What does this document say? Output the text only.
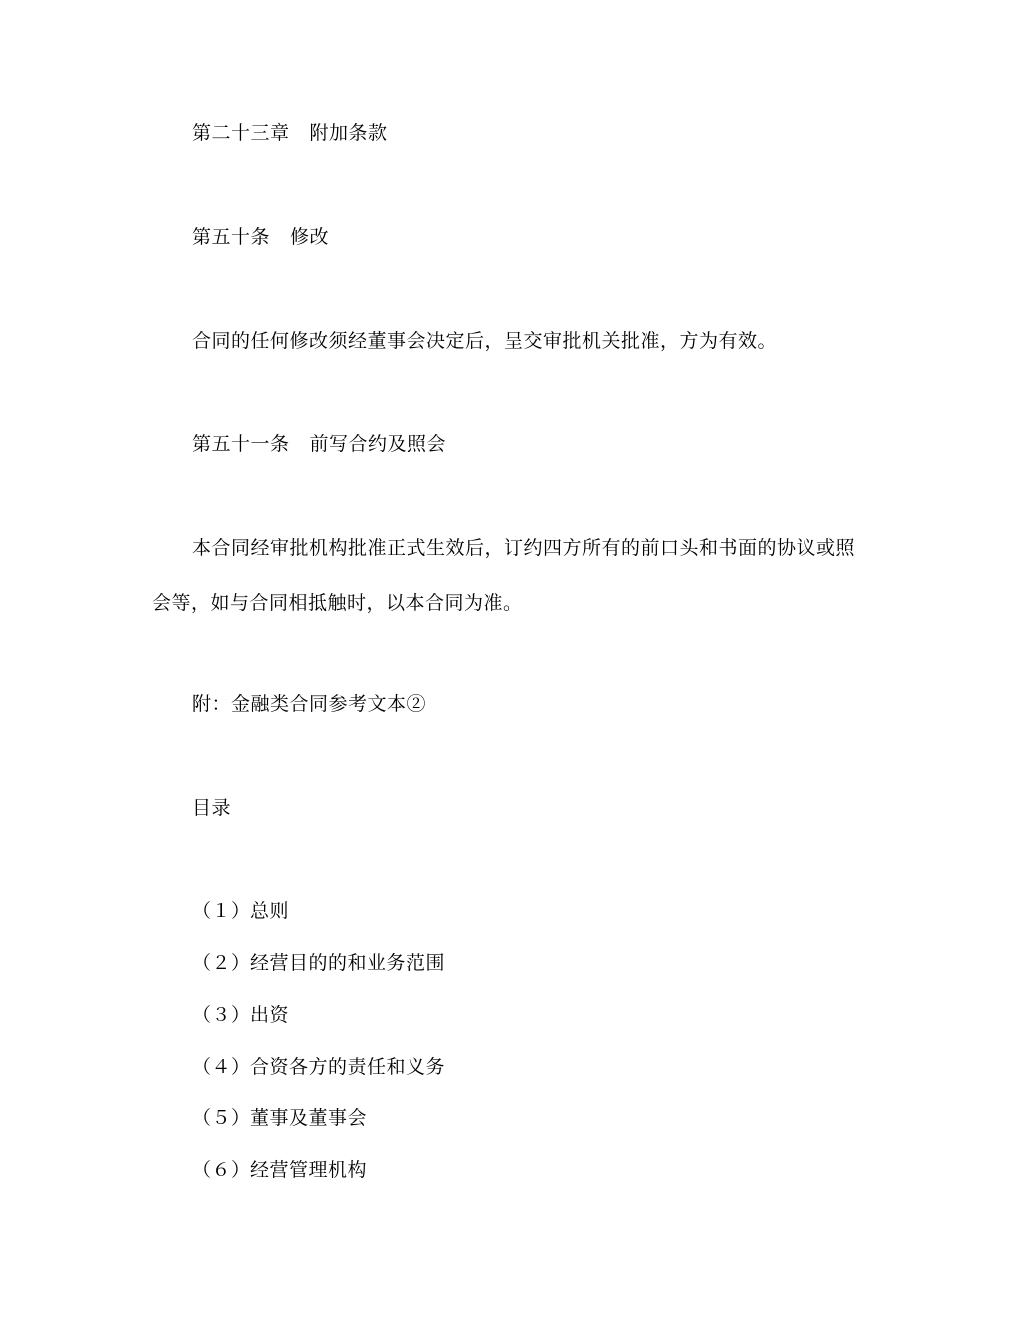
第二十三章 附加条款
第五十条 修改
合同的任何修改须经董事会决定后，呈交审批机关批准，方为有效。
第五十一条 前写合约及照会
本合同经审批机构批准正式生效后，订约四方所有的前口头和书面的协议或照
会等，如与合同相抵触时，以本合同为准。
附：金融类合同参考文本②
目录
（１）总则
（２）经营目的的和业务范围
（３）出资
（４）合资各方的责任和义务
（５）董事及董事会
（６）经营管理机构
